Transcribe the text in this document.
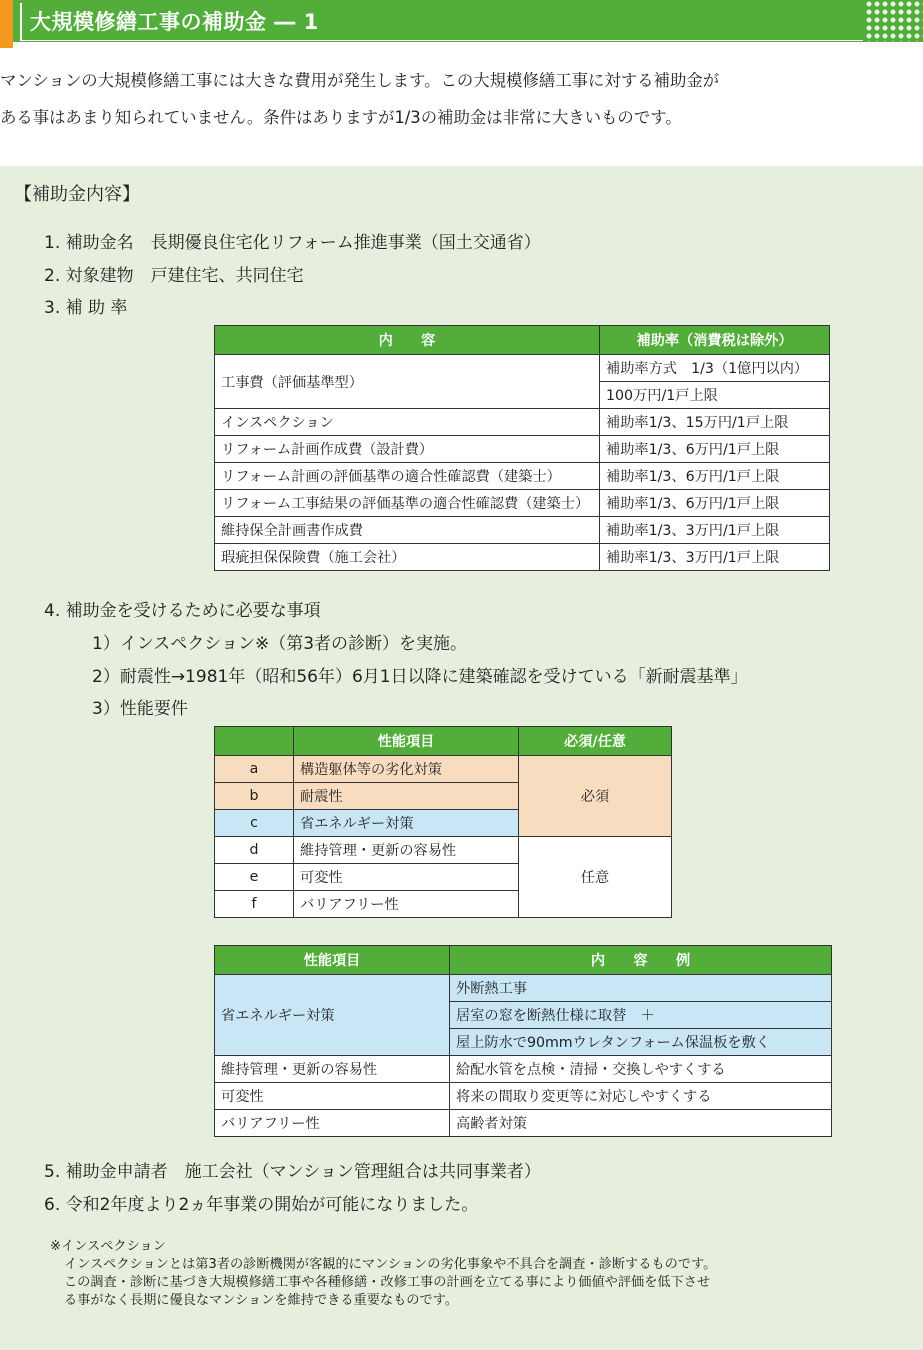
大規模修繕工事の補助金 ― 1
マンションの大規模修繕工事には大きな費用が発生します。この大規模修繕工事に対する補助金が
ある事はあまり知られていません。条件はありますが1/3の補助金は非常に大きいものです。
【補助金内容】
1. 補助金名　長期優良住宅化リフォーム推進事業（国土交通省）
2. 対象建物　戸建住宅、共同住宅
3. 補 助 率
内　　容	補助率（消費税は除外）
工事費（評価基準型）	補助率方式　1/3（1億円以内）
	100万円/1戸上限
インスペクション	補助率1/3、15万円/1戸上限
リフォーム計画作成費（設計費）	補助率1/3、6万円/1戸上限
リフォーム計画の評価基準の適合性確認費（建築士）	補助率1/3、6万円/1戸上限
リフォーム工事結果の評価基準の適合性確認費（建築士）	補助率1/3、6万円/1戸上限
維持保全計画書作成費	補助率1/3、3万円/1戸上限
瑕疵担保保険費（施工会社）	補助率1/3、3万円/1戸上限
4. 補助金を受けるために必要な事項
1）インスペクション※（第3者の診断）を実施。
2）耐震性→1981年（昭和56年）6月1日以降に建築確認を受けている「新耐震基準」
3）性能要件
	性能項目	必須/任意
a	構造躯体等の劣化対策	必須
b	耐震性	
c	省エネルギー対策	
d	維持管理・更新の容易性	任意
e	可変性	
f	バリアフリー性	
性能項目	内　　容　　例
省エネルギー対策	外断熱工事
	居室の窓を断熱仕様に取替　＋
	屋上防水で90mmウレタンフォーム保温板を敷く
維持管理・更新の容易性	給配水管を点検・清掃・交換しやすくする
可変性	将来の間取り変更等に対応しやすくする
バリアフリー性	高齢者対策
5. 補助金申請者　施工会社（マンション管理組合は共同事業者）
6. 令和2年度より2ヵ年事業の開始が可能になりました。
※インスペクション
インスペクションとは第3者の診断機関が客観的にマンションの劣化事象や不具合を調査・診断するものです。
この調査・診断に基づき大規模修繕工事や各種修繕・改修工事の計画を立てる事により価値や評価を低下させ
る事がなく長期に優良なマンションを維持できる重要なものです。
